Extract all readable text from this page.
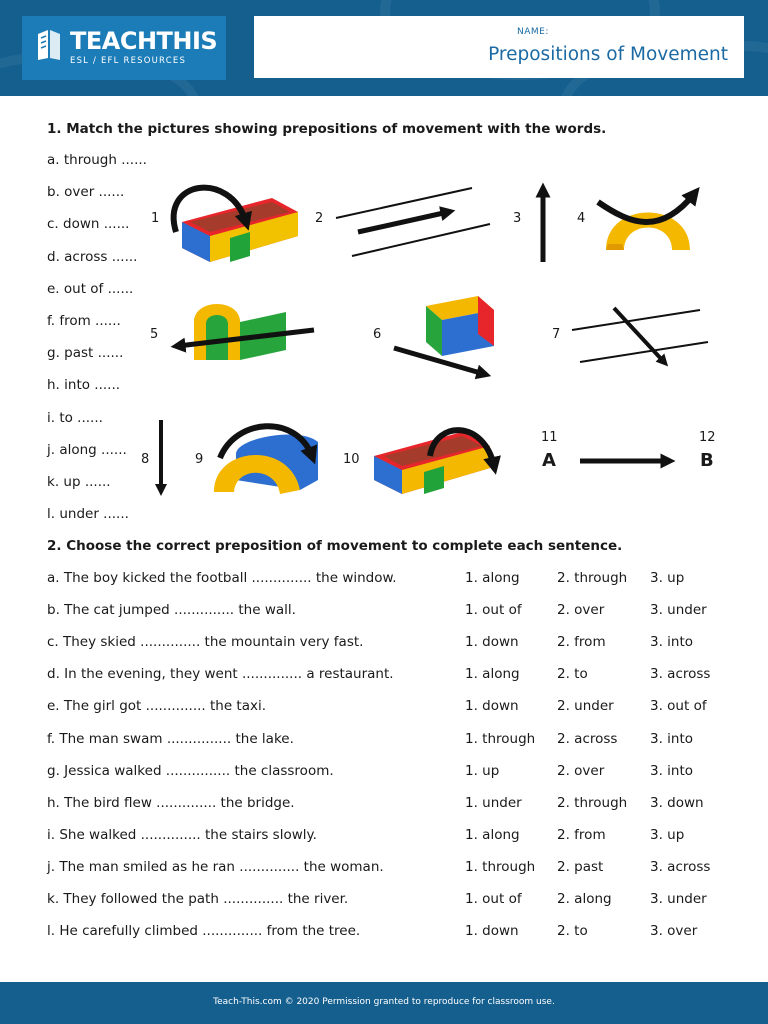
TEACHTHIS
ESL / EFL RESOURCES
NAME:
Prepositions of Movement
1. Match the pictures showing prepositions of movement with the words.
a. through ......
b. over ......
c. down ......
d. across ......
e. out of ......
f. from ......
g. past ......
h. into ......
i. to ......
j. along ......
k. up ......
l. under ......
1	2	3	4
5	6	7
8	9	10
11	12
A	B
2. Choose the correct preposition of movement to complete each sentence.
a. The boy kicked the football .............. the window.	1. along	2. through 3. up
b. The cat jumped .............. the wall.	1. out of	2. over	3. under
c. They skied .............. the mountain very fast.	1. down	2. from	3. into
d. In the evening, they went .............. a restaurant.	1. along	2. to	3. across
e. The girl got .............. the taxi.	1. down	2. under	3. out of
f. The man swam ............... the lake.	1. through 2. across 3. into
g. Jessica walked ............... the classroom.	1. up	2. over	3. into
h. The bird flew .............. the bridge.	1. under	2. through 3. down
i. She walked .............. the stairs slowly.	1. along	2. from	3. up
j. The man smiled as he ran .............. the woman.	1. through 2. past	3. across
k. They followed the path .............. the river.	1. out of	2. along	3. under
l. He carefully climbed .............. from the tree.	1. down	2. to	3. over
Teach-This.com © 2020 Permission granted to reproduce for classroom use.
